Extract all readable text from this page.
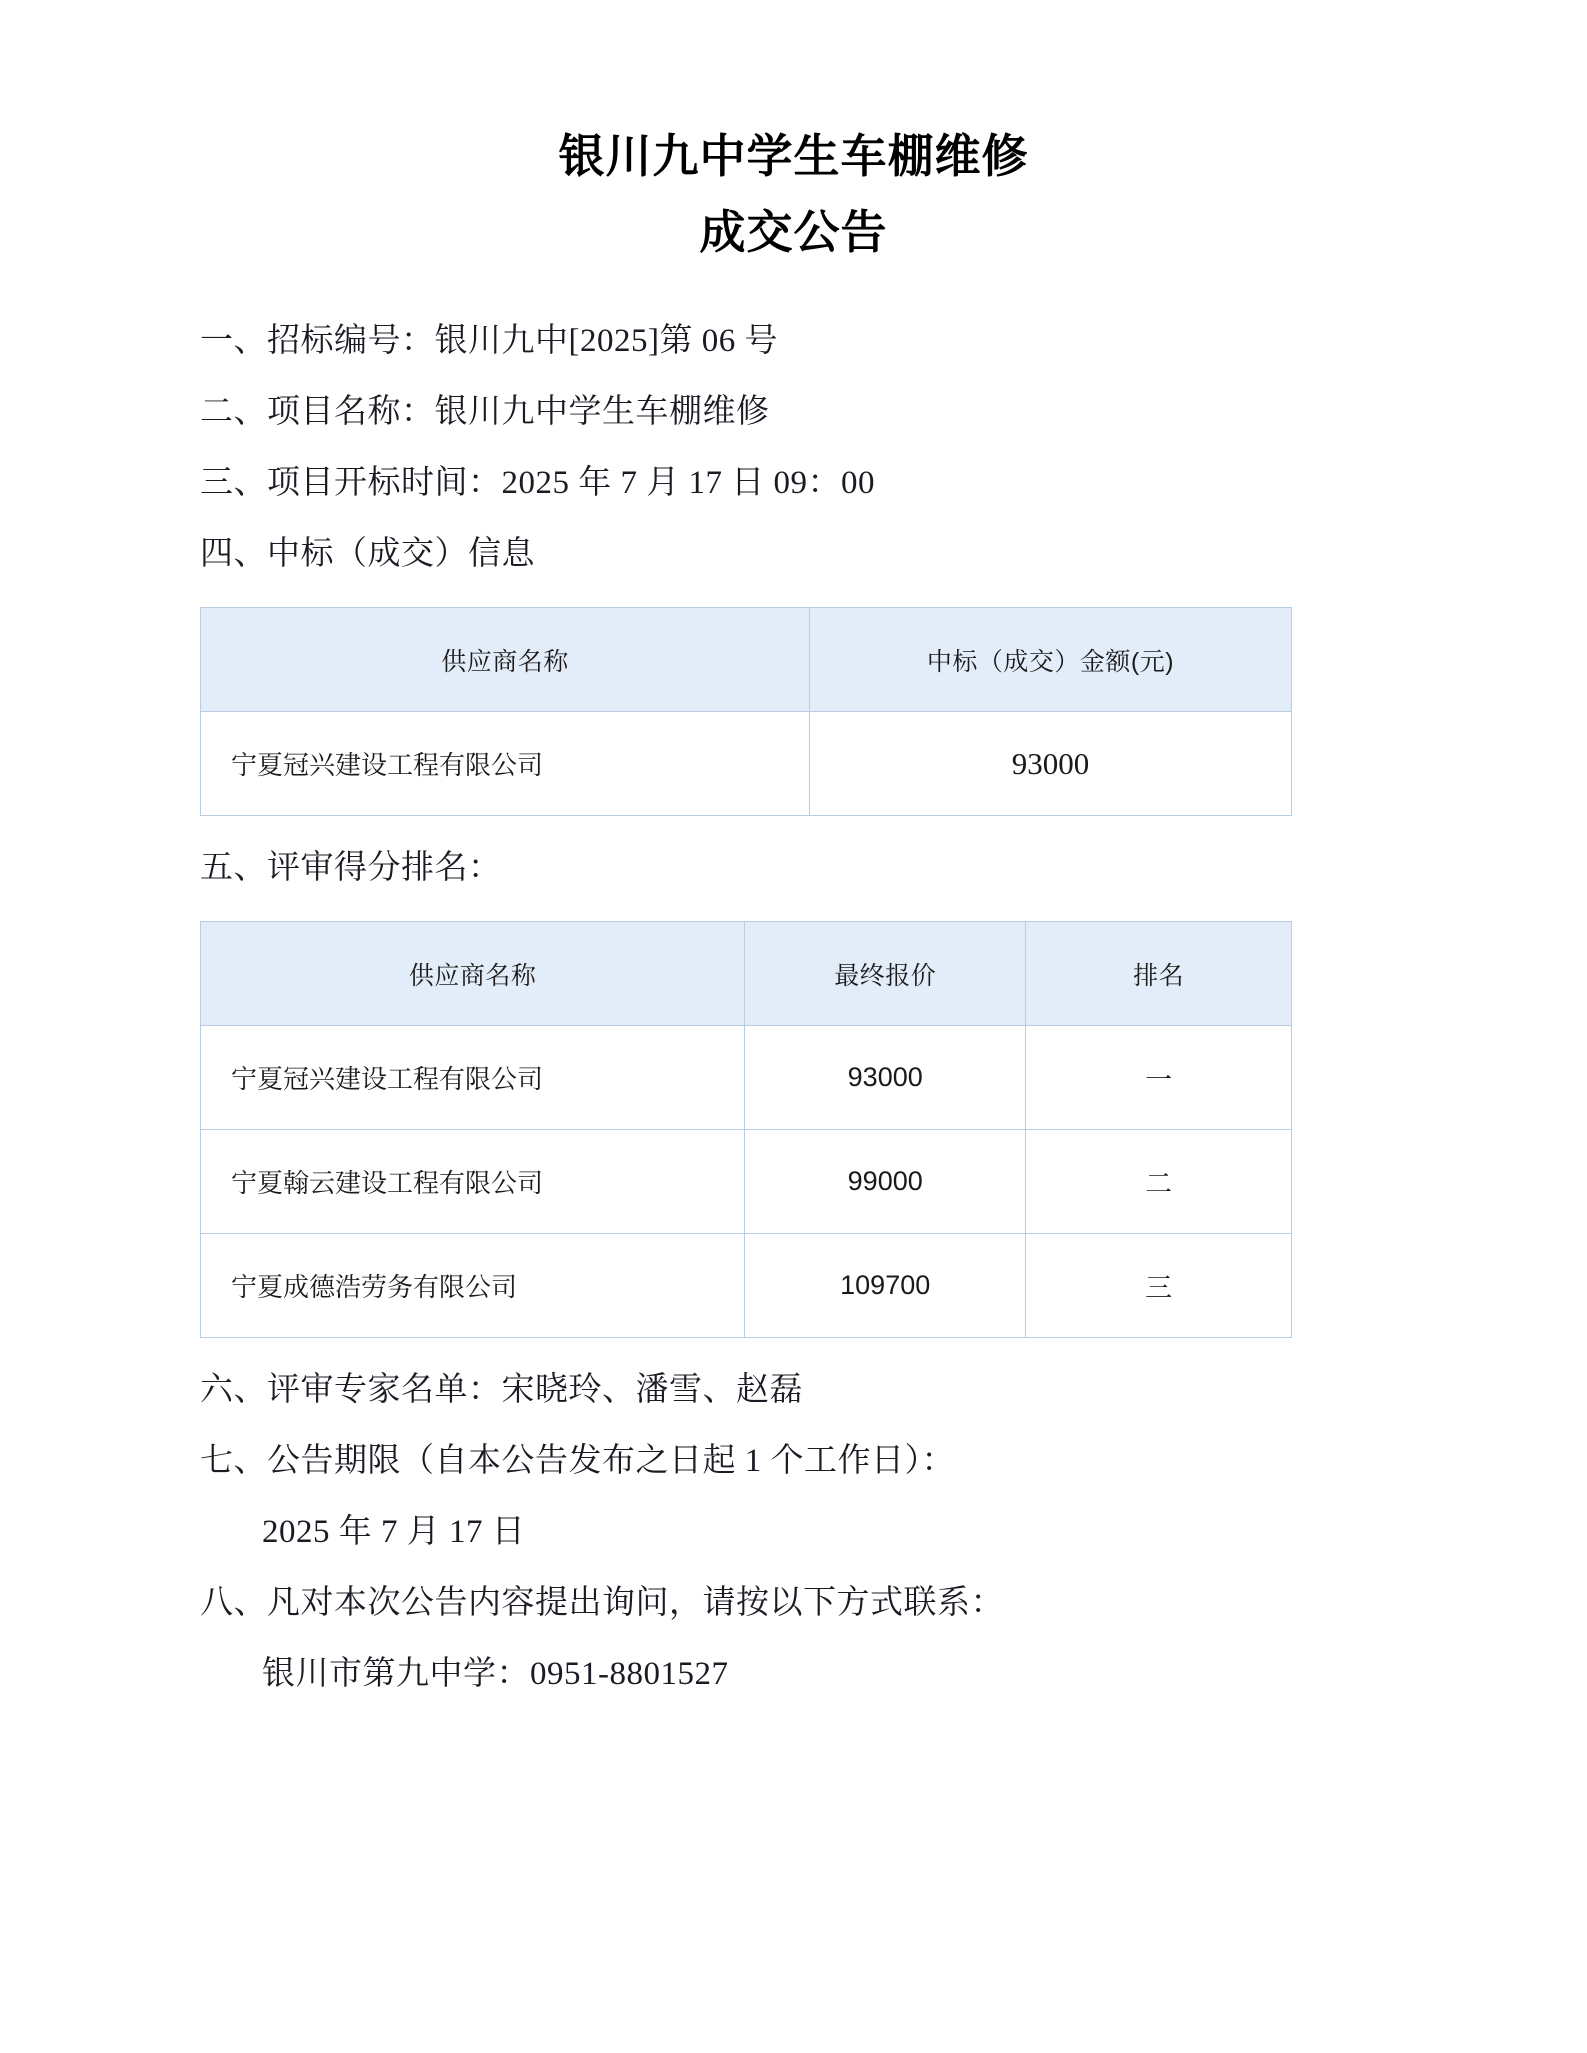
银川九中学生车棚维修
成交公告

一、招标编号：银川九中[2025]第 06 号

二、项目名称：银川九中学生车棚维修

三、项目开标时间：2025 年 7 月 17 日 09：00

四、中标（成交）信息

供应商名称	中标（成交）金额(元)
宁夏冠兴建设工程有限公司	93000

五、评审得分排名：

供应商名称	最终报价	排名
宁夏冠兴建设工程有限公司	93000	一
宁夏翰云建设工程有限公司	99000	二
宁夏成德浩劳务有限公司	109700	三

六、评审专家名单：宋晓玲、潘雪、赵磊

七、公告期限（自本公告发布之日起 1 个工作日）：

2025 年 7 月 17 日

八、凡对本次公告内容提出询问，请按以下方式联系：

银川市第九中学：0951-8801527
